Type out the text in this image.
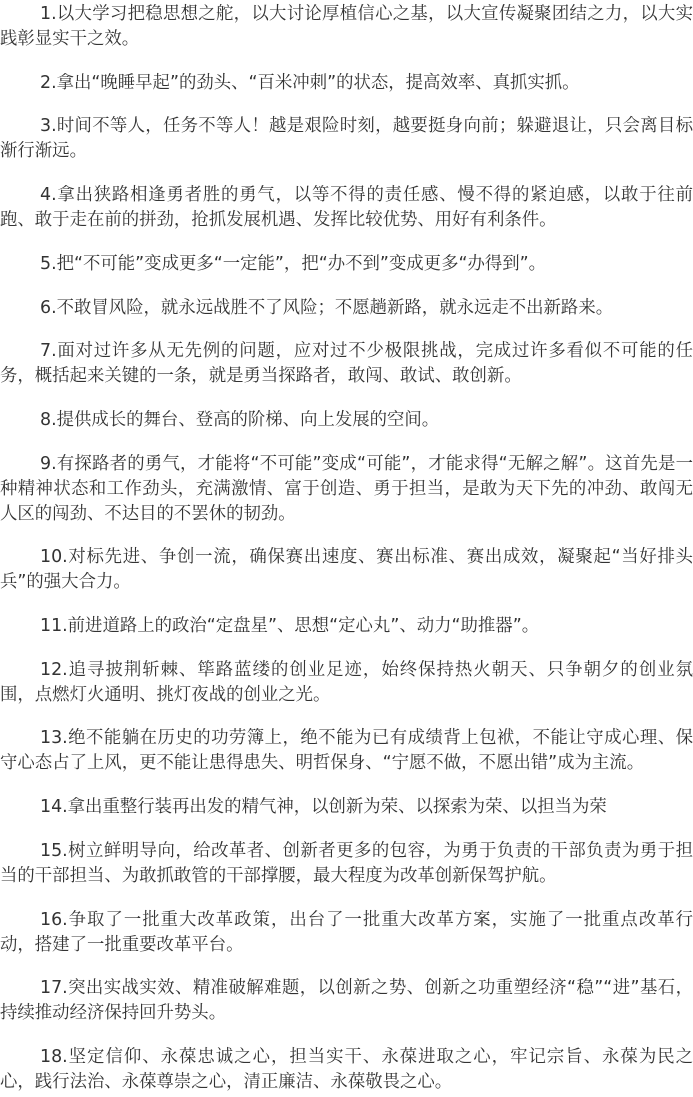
1.以大学习把稳思想之舵，以大讨论厚植信心之基，以大宣传凝聚团结之力，以大实践彰显实干之效。

2.拿出“晚睡早起”的劲头、“百米冲刺”的状态，提高效率、真抓实抓。

3.时间不等人，任务不等人！越是艰险时刻，越要挺身向前；躲避退让，只会离目标渐行渐远。

4.拿出狭路相逢勇者胜的勇气，以等不得的责任感、慢不得的紧迫感，以敢于往前跑、敢于走在前的拼劲，抢抓发展机遇、发挥比较优势、用好有利条件。

5.把“不可能”变成更多“一定能”，把“办不到”变成更多“办得到”。

6.不敢冒风险，就永远战胜不了风险；不愿趟新路，就永远走不出新路来。

7.面对过许多从无先例的问题，应对过不少极限挑战，完成过许多看似不可能的任务，概括起来关键的一条，就是勇当探路者，敢闯、敢试、敢创新。

8.提供成长的舞台、登高的阶梯、向上发展的空间。

9.有探路者的勇气，才能将“不可能”变成“可能”，才能求得“无解之解”。这首先是一种精神状态和工作劲头，充满激情、富于创造、勇于担当，是敢为天下先的冲劲、敢闯无人区的闯劲、不达目的不罢休的韧劲。

10.对标先进、争创一流，确保赛出速度、赛出标准、赛出成效，凝聚起“当好排头兵”的强大合力。

11.前进道路上的政治“定盘星”、思想“定心丸”、动力“助推器”。

12.追寻披荆斩棘、筚路蓝缕的创业足迹，始终保持热火朝天、只争朝夕的创业氛围，点燃灯火通明、挑灯夜战的创业之光。

13.绝不能躺在历史的功劳簿上，绝不能为已有成绩背上包袱，不能让守成心理、保守心态占了上风，更不能让患得患失、明哲保身、“宁愿不做，不愿出错”成为主流。

14.拿出重整行装再出发的精气神，以创新为荣、以探索为荣、以担当为荣

15.树立鲜明导向，给改革者、创新者更多的包容，为勇于负责的干部负责为勇于担当的干部担当、为敢抓敢管的干部撑腰，最大程度为改革创新保驾护航。

16.争取了一批重大改革政策，出台了一批重大改革方案，实施了一批重点改革行动，搭建了一批重要改革平台。

17.突出实战实效、精准破解难题，以创新之势、创新之功重塑经济“稳”“进”基石，持续推动经济保持回升势头。

18.坚定信仰、永葆忠诚之心，担当实干、永葆进取之心，牢记宗旨、永葆为民之心，践行法治、永葆尊崇之心，清正廉洁、永葆敬畏之心。
